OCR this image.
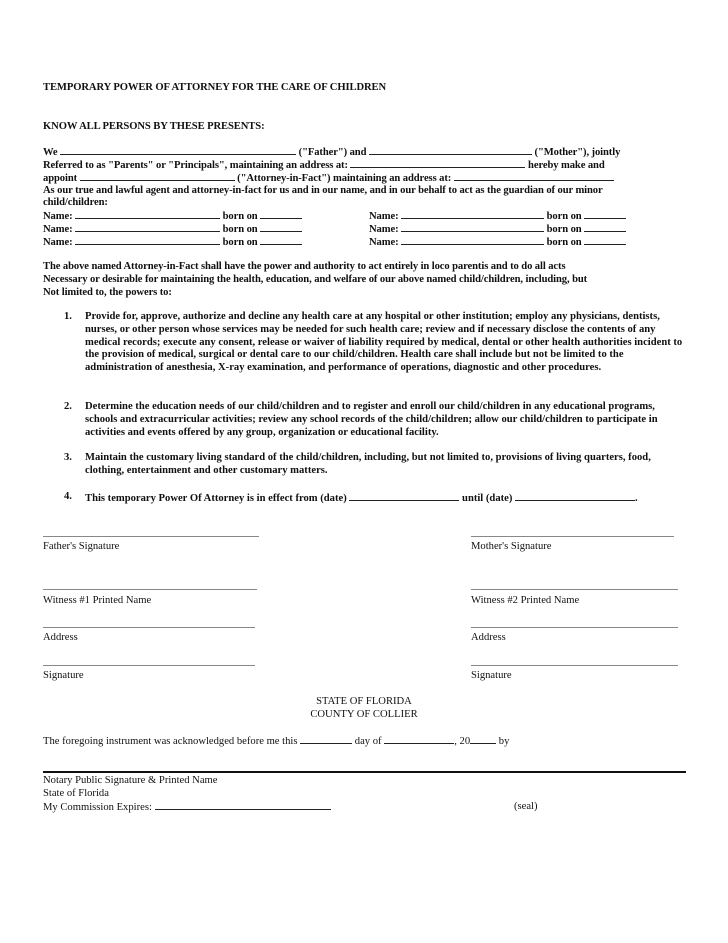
TEMPORARY POWER OF ATTORNEY FOR THE CARE OF CHILDREN
KNOW ALL PERSONS BY THESE PRESENTS:
We	("Father") and	("Mother"), jointly
Referred to as "Parents" or "Principals", maintaining an address at:	hereby make and
appoint	("Attorney-in-Fact") maintaining an address at:
As our true and lawful agent and attorney-in-fact for us and in our name, and in our behalf to act as the guardian of our minor
child/children:
Name:	born on	Name:	born on
Name:	born on	Name:	born on
Name:	born on	Name:	born on
The above named Attorney-in-Fact shall have the power and authority to act entirely in loco parentis and to do all acts
Necessary or desirable for maintaining the health, education, and welfare of our above named child/children, including, but
Not limited to, the powers to:
1.	Provide for, approve, authorize and decline any health care at any hospital or other institution; employ any physicians, dentists, nurses, or other person whose services may be needed for such health care; review and if necessary disclose the contents of any medical records; execute any consent, release or waiver of liability required by medical, dental or other health authorities incident to the provision of medical, surgical or dental care to our child/children. Health care shall include but not be limited to the administration of anesthesia, X-ray examination, and performance of operations, diagnostic and other procedures.
2.	Determine the education needs of our child/children and to register and enroll our child/children in any educational programs, schools and extracurricular activities; review any school records of the child/children; allow our child/children to participate in activities and events offered by any group, organization or educational facility.
3.	Maintain the customary living standard of the child/children, including, but not limited to, provisions of living quarters, food, clothing, entertainment and other customary matters.
4.	This temporary Power Of Attorney is in effect from (date)	until (date)	.
Father's Signature	Mother's Signature
Witness #1 Printed Name	Witness #2 Printed Name
Address	Address
Signature	Signature
STATE OF FLORIDA
COUNTY OF COLLIER
The foregoing instrument was acknowledged before me this	day of	, 20	by
Notary Public Signature & Printed Name
State of Florida
My Commission Expires:	(seal)
